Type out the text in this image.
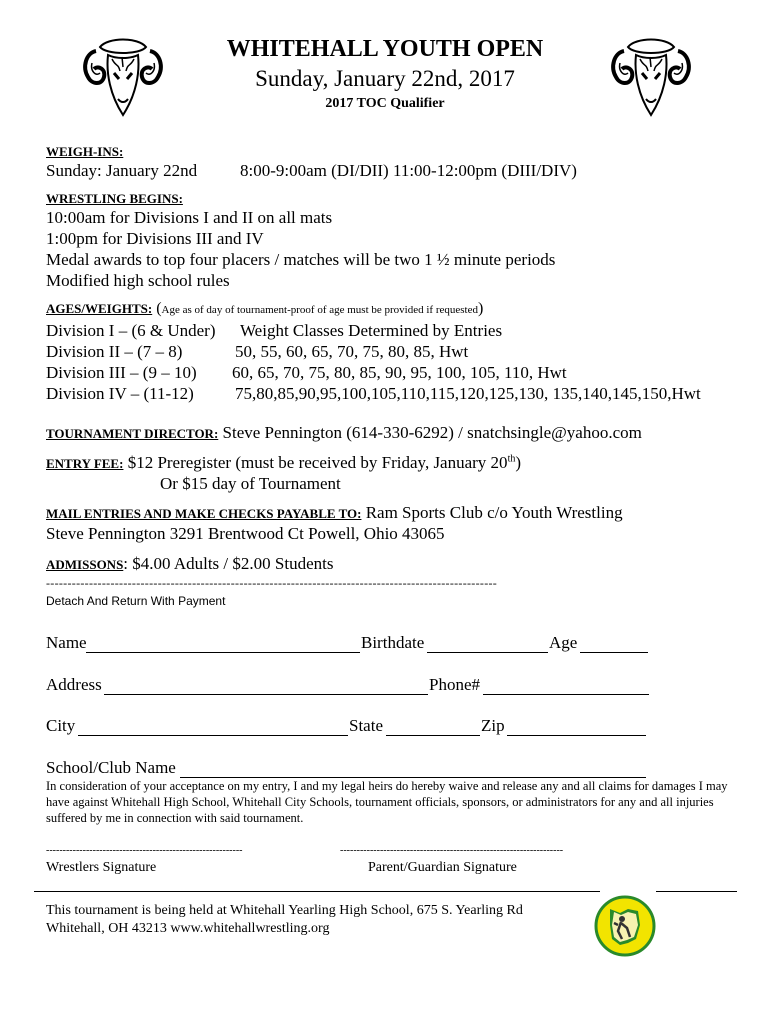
WHITEHALL YOUTH OPEN
Sunday, January 22nd, 2017
2017 TOC Qualifier
WEIGH-INS:
Sunday: January 22nd	8:00-9:00am (DI/DII) 11:00-12:00pm (DIII/DIV)
WRESTLING BEGINS:
10:00am for Divisions I and II on all mats
1:00pm for Divisions III and IV
Medal awards to top four placers / matches will be two 1 ½ minute periods
Modified high school rules
AGES/WEIGHTS: (Age as of day of tournament-proof of age must be provided if requested)
Division I – (6 & Under) Weight Classes Determined by Entries
Division II – (7 – 8)	50, 55, 60, 65, 70, 75, 80, 85, Hwt
Division III – (9 – 10) 60, 65, 70, 75, 80, 85, 90, 95, 100, 105, 110, Hwt
Division IV – (11-12) 75,80,85,90,95,100,105,110,115,120,125,130, 135,140,145,150,Hwt
TOURNAMENT DIRECTOR: Steve Pennington (614-330-6292) / snatchsingle@yahoo.com
ENTRY FEE: $12 Preregister (must be received by Friday, January 20th)
Or $15 day of Tournament
MAIL ENTRIES AND MAKE CHECKS PAYABLE TO: Ram Sports Club c/o Youth Wrestling
Steve Pennington 3291 Brentwood Ct Powell, Ohio 43065
ADMISSONS: $4.00 Adults / $2.00 Students
---------------------------------------------------------------------------------------------------------
Detach And Return With Payment
Name	Birthdate	Age
Address	Phone#
City	State	Zip
School/Club Name
In consideration of your acceptance on my entry, I and my legal heirs do hereby waive and release any and all claims for damages I may have against Whitehall High School, Whitehall City Schools, tournament officials, sponsors, or administrators for any and all injuries suffered by me in connection with said tournament.
-----------------------------------------------------------	-------------------------------------------------------------------
Wrestlers Signature	Parent/Guardian Signature
This tournament is being held at Whitehall Yearling High School, 675 S. Yearling Rd
Whitehall, OH 43213 www.whitehallwrestling.org
